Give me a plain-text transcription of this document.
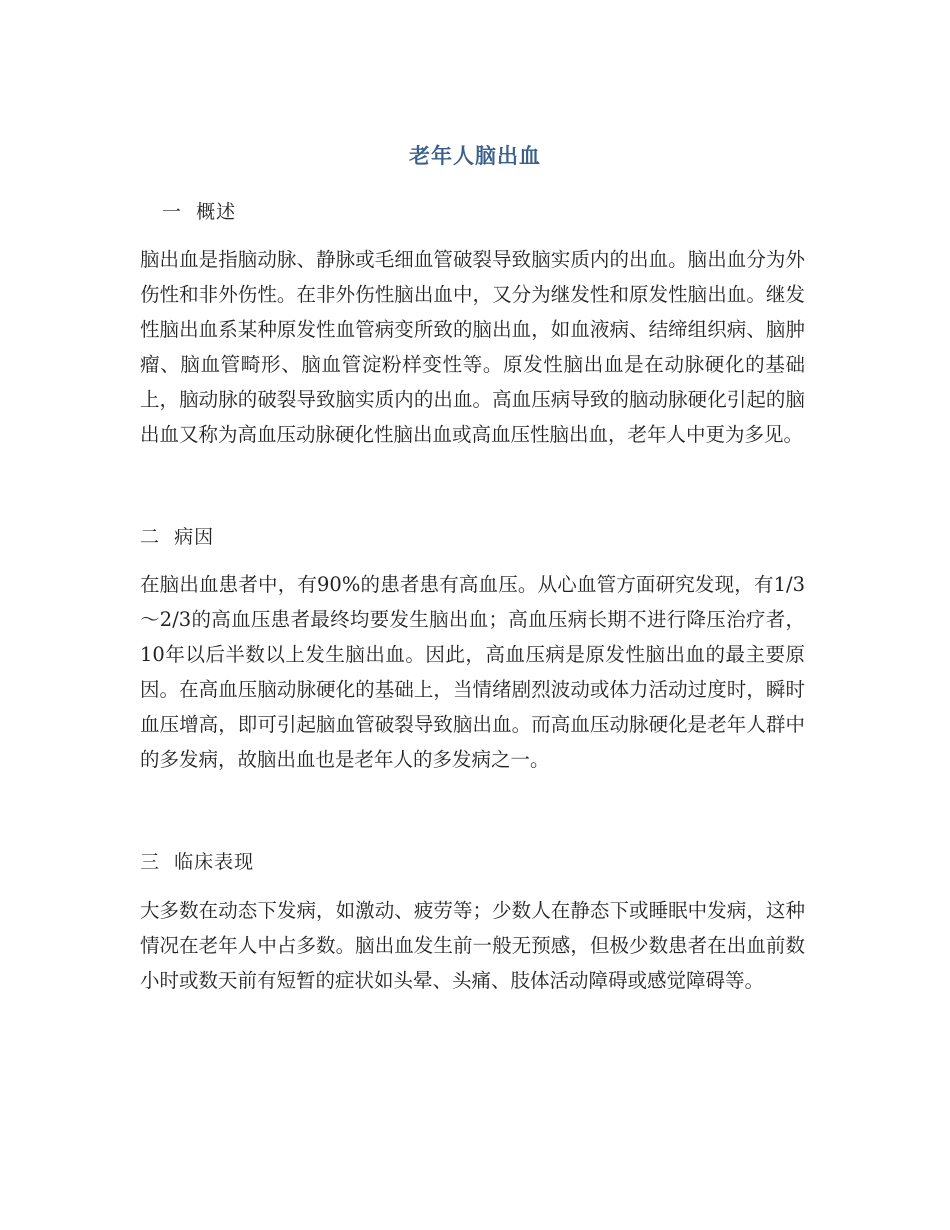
老年人脑出血
一  概述
脑出血是指脑动脉、静脉或毛细血管破裂导致脑实质内的出血。脑出血分为外伤性和非外伤性。在非外伤性脑出血中，又分为继发性和原发性脑出血。继发性脑出血系某种原发性血管病变所致的脑出血，如血液病、结缔组织病、脑肿瘤、脑血管畸形、脑血管淀粉样变性等。原发性脑出血是在动脉硬化的基础上，脑动脉的破裂导致脑实质内的出血。高血压病导致的脑动脉硬化引起的脑出血又称为高血压动脉硬化性脑出血或高血压性脑出血，老年人中更为多见。
二  病因
在脑出血患者中，有90%的患者患有高血压。从心血管方面研究发现，有1/3～2/3的高血压患者最终均要发生脑出血；高血压病长期不进行降压治疗者，10年以后半数以上发生脑出血。因此，高血压病是原发性脑出血的最主要原因。在高血压脑动脉硬化的基础上，当情绪剧烈波动或体力活动过度时，瞬时血压增高，即可引起脑血管破裂导致脑出血。而高血压动脉硬化是老年人群中的多发病，故脑出血也是老年人的多发病之一。
三  临床表现
大多数在动态下发病，如激动、疲劳等；少数人在静态下或睡眠中发病，这种情况在老年人中占多数。脑出血发生前一般无预感，但极少数患者在出血前数小时或数天前有短暂的症状如头晕、头痛、肢体活动障碍或感觉障碍等。
